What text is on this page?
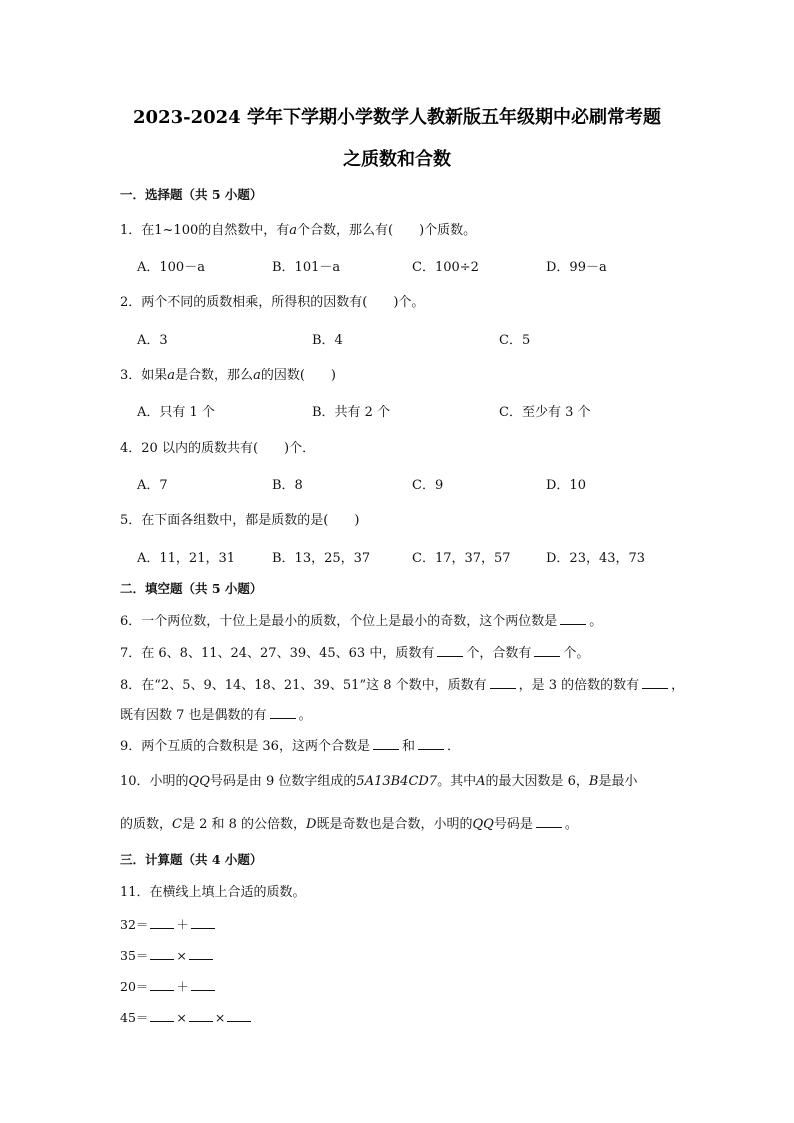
2023-2024 学年下学期小学数学人教新版五年级期中必刷常考题
之质数和合数
一．选择题（共 5 小题）
1．在1~100的自然数中，有a个合数，那么有(　　)个质数。
A．100－a	B．101－a	C．100÷2	D．99－a
2．两个不同的质数相乘，所得积的因数有(　　)个。
A．3	B．4	C．5
3．如果a是合数，那么a的因数(　　)
A．只有 1 个	B．共有 2 个	C．至少有 3 个
4．20 以内的质数共有(　　)个．
A．7	B．8	C．9	D．10
5．在下面各组数中，都是质数的是(　　)
A．11，21，31	B．13，25，37	C．17，37，57	D．23，43，73
二．填空题（共 5 小题）
6．一个两位数，十位上是最小的质数，个位上是最小的奇数，这个两位数是 。
7．在 6、8、11、24、27、39、45、63 中，质数有 个，合数有 个。
8．在“2、5、9、14、18、21、39、51”这 8 个数中，质数有 ，是 3 的倍数的数有 ，
既有因数 7 也是偶数的有 。
9．两个互质的合数积是 36，这两个合数是 和 ．
10．小明的QQ号码是由 9 位数字组成的5A13B4CD7。其中A的最大因数是 6，B是最小
的质数，C是 2 和 8 的公倍数，D既是奇数也是合数，小明的QQ号码是 。
三．计算题（共 4 小题）
11．在横线上填上合适的质数。
32＝ ＋
35＝ ×
20＝ ＋
45＝ × ×
